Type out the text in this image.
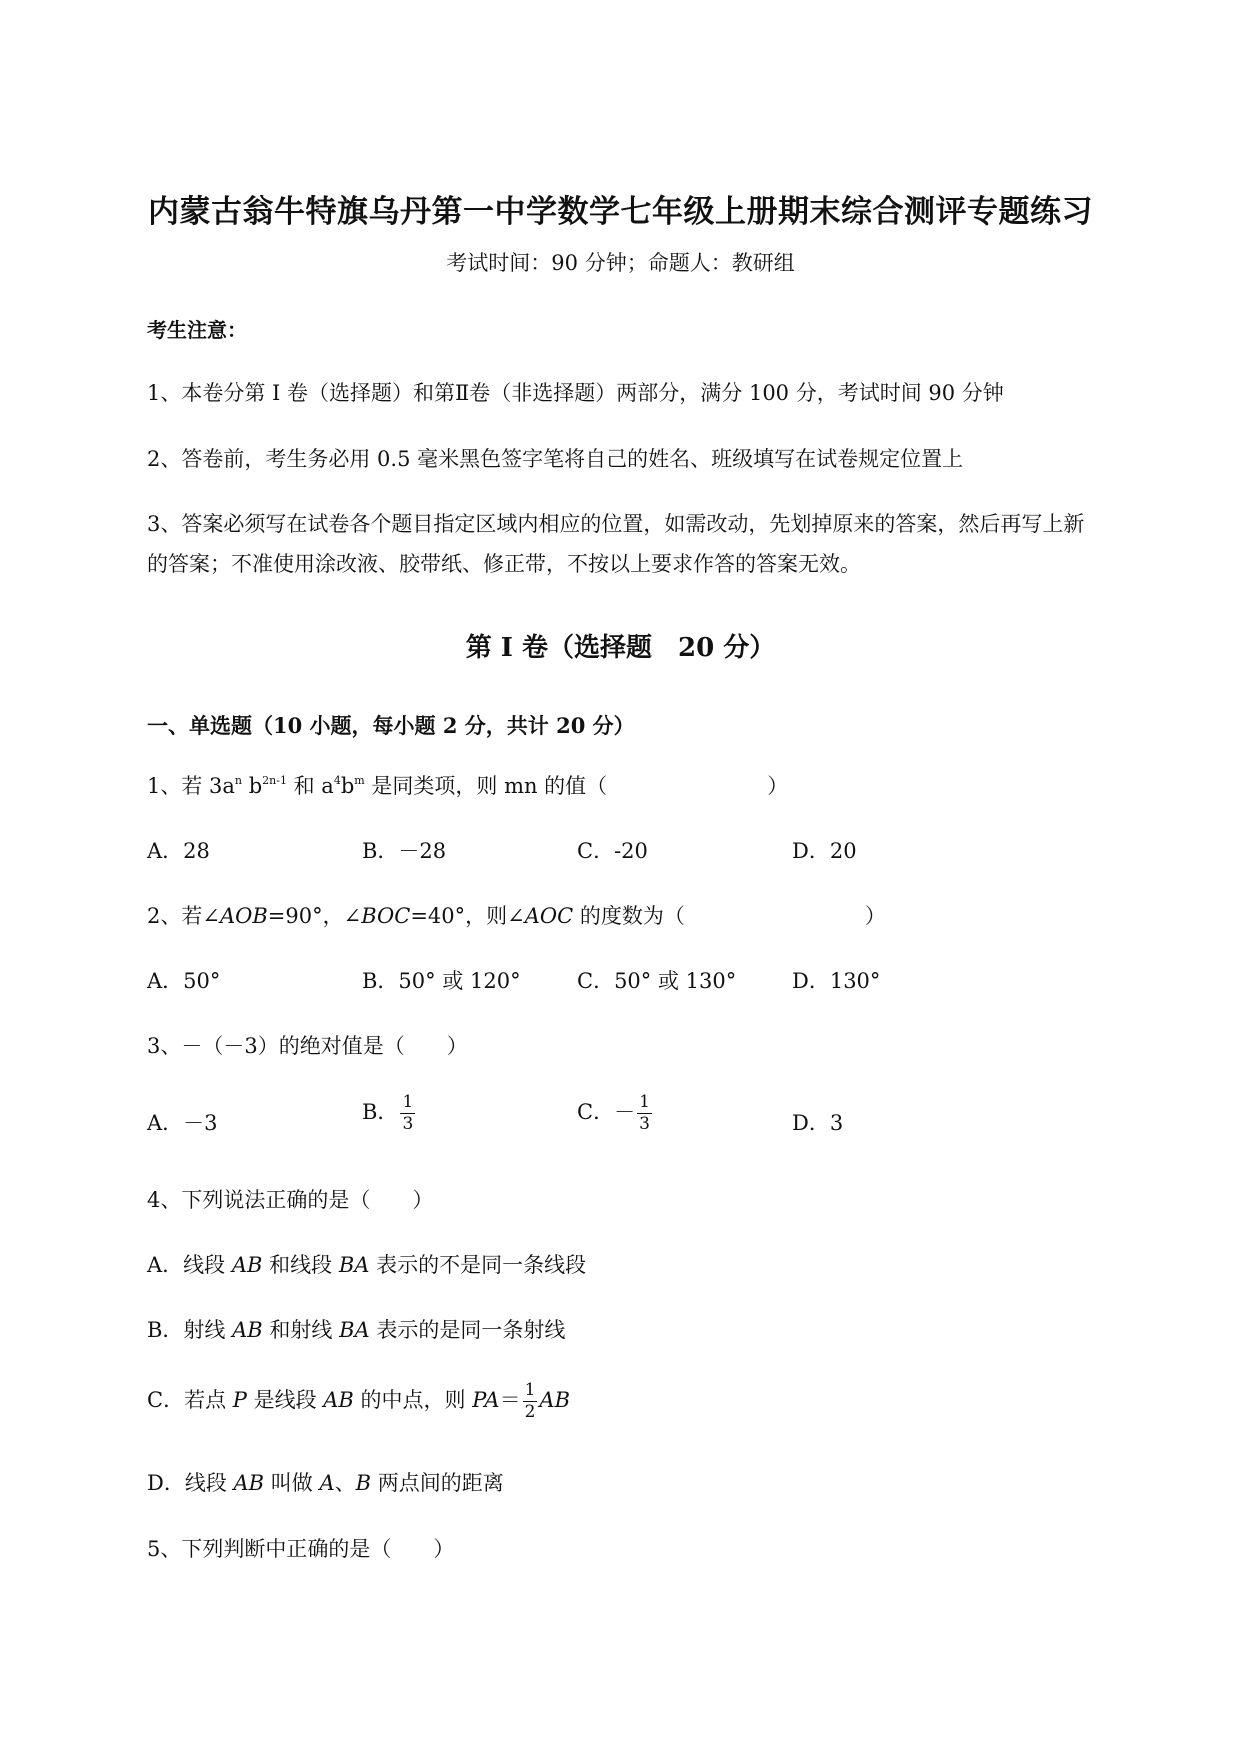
内蒙古翁牛特旗乌丹第一中学数学七年级上册期末综合测评专题练习
考试时间：90 分钟；命题人：教研组
考生注意：
1、本卷分第 I 卷（选择题）和第Ⅱ卷（非选择题）两部分，满分 100 分，考试时间 90 分钟
2、答卷前，考生务必用 0.5 毫米黑色签字笔将自己的姓名、班级填写在试卷规定位置上
3、答案必须写在试卷各个题目指定区域内相应的位置，如需改动，先划掉原来的答案，然后再写上新
的答案；不准使用涂改液、胶带纸、修正带，不按以上要求作答的答案无效。
第 I 卷（选择题　20 分）
一、单选题（10 小题，每小题 2 分，共计 20 分）
1、若 $3a^n$ $b^{2n-1}$ 和 $a^4b^m$ 是同类项，则 mn 的值（	）
A．28	B．－28	C．-20	D．20
2、若∠AOB=90°，∠BOC=40°，则∠AOC 的度数为（	）
A．50°	B．50° 或 120°	C．50° 或 130°	D．130°
3、－（－3）的绝对值是（　　）
A．－3	B． $\frac{1}{3}$	C．－ $\frac{1}{3}$	D．3
4、下列说法正确的是（　　）
A．线段 AB 和线段 BA 表示的不是同一条线段
B．射线 AB 和射线 BA 表示的是同一条射线
C．若点 P 是线段 AB 的中点，则 $PA= \frac{1}{2}$ AB
D．线段 AB 叫做 A、B 两点间的距离
5、下列判断中正确的是（　　）
